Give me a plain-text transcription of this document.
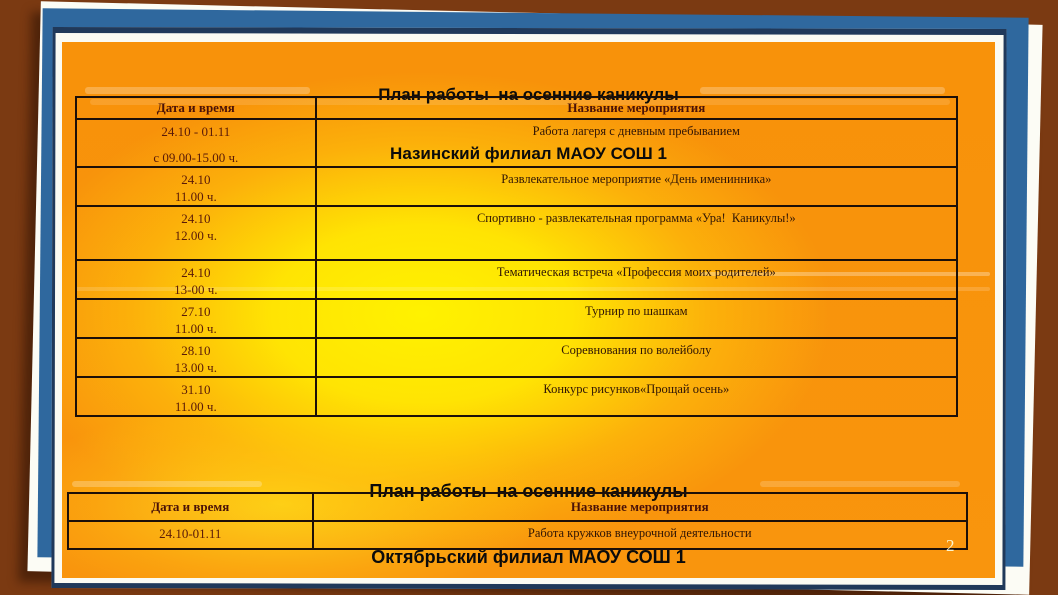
План работы  на осенние каникулы

Назинский филиал МАОУ СОШ 1

Дата и время	Название мероприятия

24.10 - 01.11
с 09.00-15.00 ч.	Работа лагеря с дневным пребыванием

24.10
11.00 ч.	Развлекательное мероприятие «День именинника»

24.10
12.00 ч.	Спортивно - развлекательная программа «Ура!  Каникулы!»

24.10
13-00 ч.	Тематическая встреча «Профессия моих родителей»

27.10
11.00 ч.	Турнир по шашкам

28.10
13.00 ч.	Соревнования по волейболу

31.10
11.00 ч.	Конкурс рисунков«Прощай осень»

План работы  на осенние каникулы

Октябрьский филиал МАОУ СОШ 1

Дата и время	Название мероприятия

24.10-01.11	Работа кружков внеурочной деятельности
2
